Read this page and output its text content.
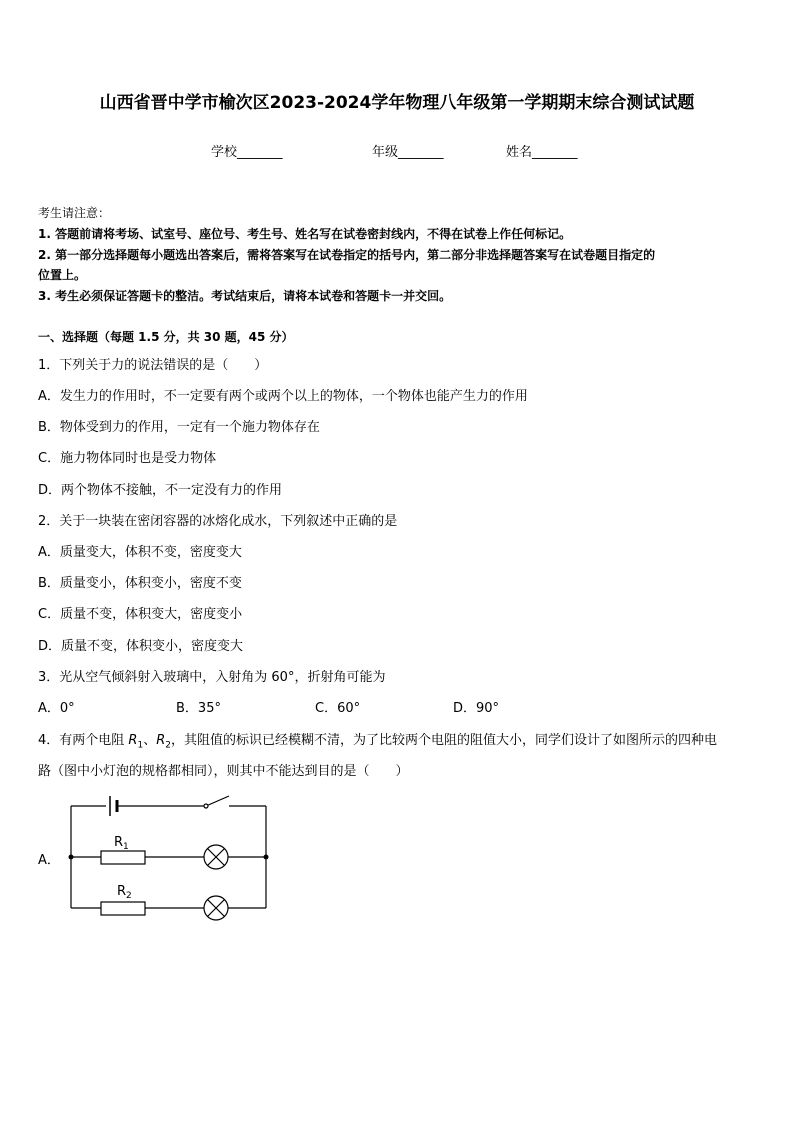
山西省晋中学市榆次区2023-2024学年物理八年级第一学期期末综合测试试题
学校_______	年级_______	姓名_______
考生请注意：
1. 答题前请将考场、试室号、座位号、考生号、姓名写在试卷密封线内，不得在试卷上作任何标记。
2. 第一部分选择题每小题选出答案后，需将答案写在试卷指定的括号内，第二部分非选择题答案写在试卷题目指定的
位置上。
3. 考生必须保证答题卡的整洁。考试结束后，请将本试卷和答题卡一并交回。
一、选择题（每题 1.5 分，共 30 题，45 分）
1．下列关于力的说法错误的是（　　）
A．发生力的作用时，不一定要有两个或两个以上的物体，一个物体也能产生力的作用
B．物体受到力的作用，一定有一个施力物体存在
C．施力物体同时也是受力物体
D．两个物体不接触，不一定没有力的作用
2．关于一块装在密闭容器的冰熔化成水，下列叙述中正确的是
A．质量变大，体积不变，密度变大
B．质量变小，体积变小，密度不变
C．质量不变，体积变大，密度变小
D．质量不变，体积变小，密度变大
3．光从空气倾斜射入玻璃中，入射角为 60°，折射角可能为
A．0°	B．35°	C．60°	D．90°
4．有两个电阻 $R_1$、$R_2$，其阻值的标识已经模糊不清，为了比较两个电阻的阻值大小，同学们设计了如图所示的四种电
路（图中小灯泡的规格都相同），则其中不能达到目的是（　　）
A．
$R_1$
$R_2$
